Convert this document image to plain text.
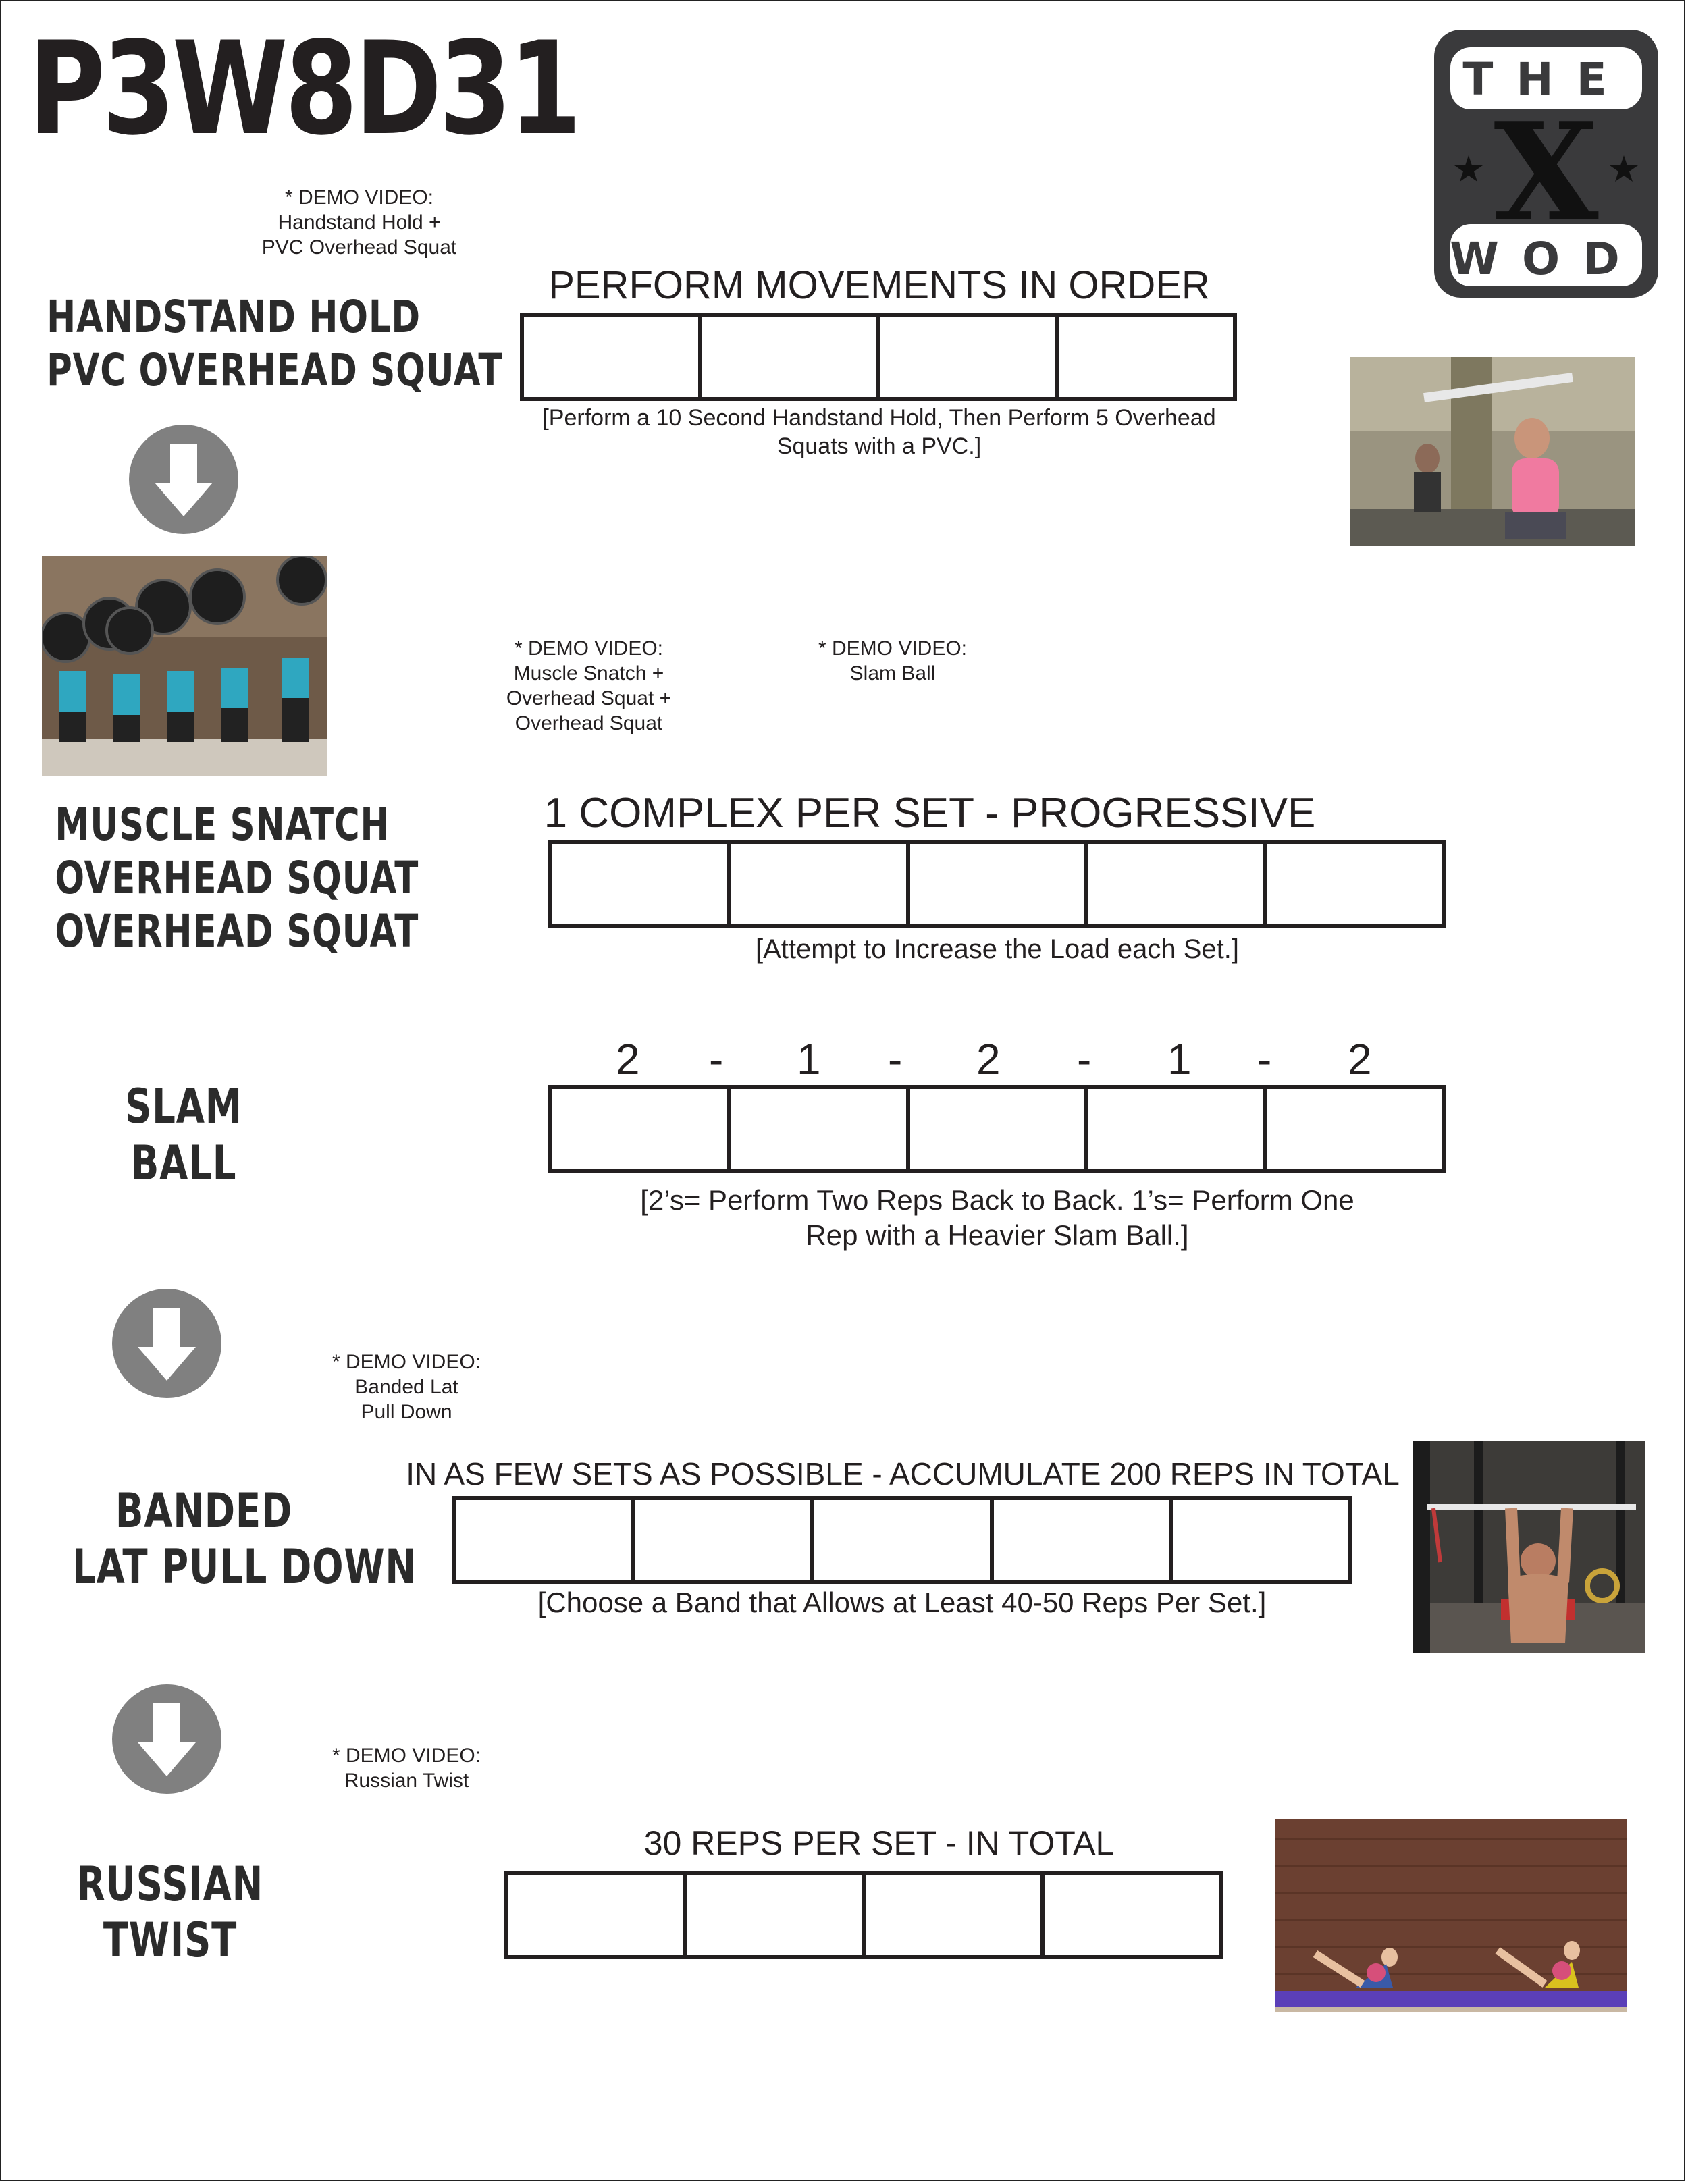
P3W8D31	THE
WOD
X
* DEMO VIDEO:
Handstand Hold +
PVC Overhead Squat
HANDSTAND HOLD
PVC OVERHEAD SQUAT
PERFORM MOVEMENTS IN ORDER
[Perform a 10 Second Handstand Hold, Then Perform 5 Overhead
Squats with a PVC.]
* DEMO VIDEO:
Muscle Snatch +
Overhead Squat +
Overhead Squat
* DEMO VIDEO:
Slam Ball
MUSCLE SNATCH
OVERHEAD SQUAT
OVERHEAD SQUAT
1 COMPLEX PER SET - PROGRESSIVE
[Attempt to Increase the Load each Set.]
SLAM
BALL
2 - 1 - 2 - 1 - 2
[2’s= Perform Two Reps Back to Back. 1’s= Perform One
Rep with a Heavier Slam Ball.]
* DEMO VIDEO:
Banded Lat
Pull Down
IN AS FEW SETS AS POSSIBLE - ACCUMULATE 200 REPS IN TOTAL
BANDED
LAT PULL DOWN
[Choose a Band that Allows at Least 40-50 Reps Per Set.]
* DEMO VIDEO:
Russian Twist
30 REPS PER SET - IN TOTAL
RUSSIAN
TWIST
